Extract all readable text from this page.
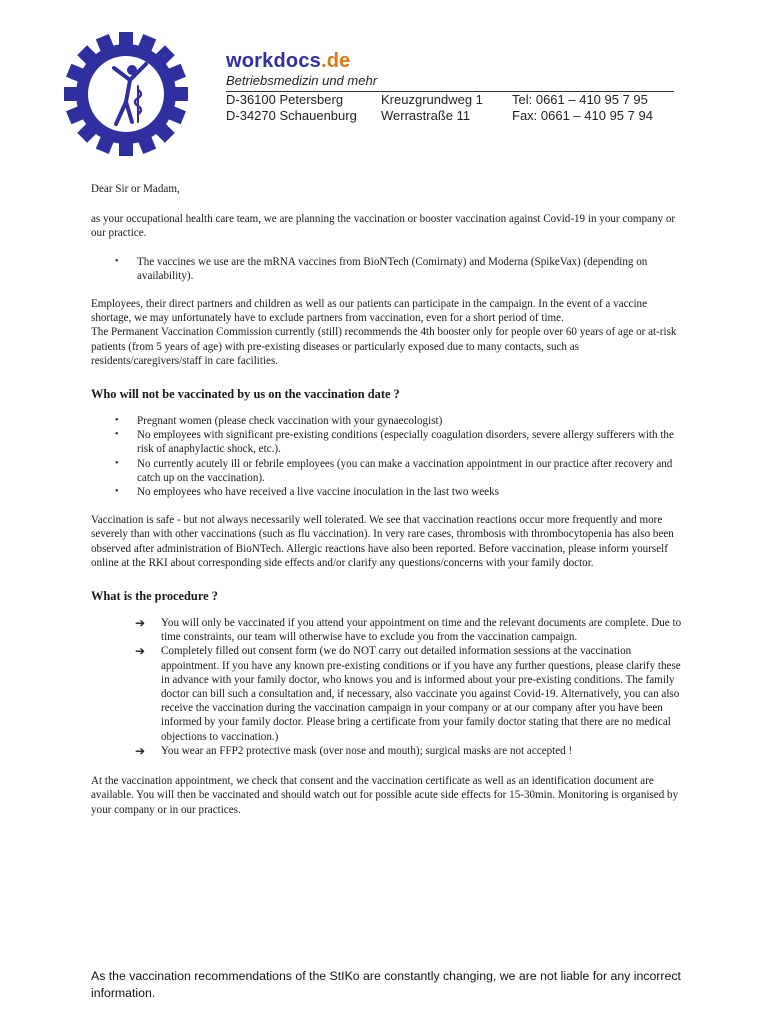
workdocs.de
Betriebsmedizin und mehr
D-36100 Petersberg	Kreuzgrundweg 1 Tel: 0661 – 410 95 7 95
D-34270 Schauenburg Werrastraße 11	Fax: 0661 – 410 95 7 94

Dear Sir or Madam,

as your occupational health care team, we are planning the vaccination or booster vaccination against Covid-19 in your company or our practice.

• The vaccines we use are the mRNA vaccines from BioNTech (Comirnaty) and Moderna (SpikeVax) (depending on availability).

Employees, their direct partners and children as well as our patients can participate in the campaign. In the event of a vaccine shortage, we may unfortunately have to exclude partners from vaccination, even for a short period of time.

The Permanent Vaccination Commission currently (still) recommends the 4th booster only for people over 60 years of age or at-risk patients (from 5 years of age) with pre-existing diseases or particularly exposed due to many contacts, such as residents/caregivers/staff in care facilities.

Who will not be vaccinated by us on the vaccination date ?
• Pregnant women (please check vaccination with your gynaecologist)
• No employees with significant pre-existing conditions (especially coagulation disorders, severe allergy sufferers with the risk of anaphylactic shock, etc.).
• No currently acutely ill or febrile employees (you can make a vaccination appointment in our practice after recovery and catch up on the vaccination).
• No employees who have received a live vaccine inoculation in the last two weeks

Vaccination is safe - but not always necessarily well tolerated. We see that vaccination reactions occur more frequently and more severely than with other vaccinations (such as flu vaccination). In very rare cases, thrombosis with thrombocytopenia has also been observed after administration of BioNTech. Allergic reactions have also been reported. Before vaccination, please inform yourself online at the RKI about corresponding side effects and/or clarify any questions/concerns with your family doctor.

What is the procedure ?
➔ You will only be vaccinated if you attend your appointment on time and the relevant documents are complete. Due to time constraints, our team will otherwise have to exclude you from the vaccination campaign.
➔ Completely filled out consent form (we do NOT carry out detailed information sessions at the vaccination appointment. If you have any known pre-existing conditions or if you have any further questions, please clarify these in advance with your family doctor, who knows you and is informed about your pre-existing conditions. The family doctor can bill such a consultation and, if necessary, also vaccinate you against Covid-19. Alternatively, you can also receive the vaccination during the vaccination campaign in your company or at our company after you have been informed by your family doctor. Please bring a certificate from your family doctor stating that there are no medical objections to vaccination.)
➔ You wear an FFP2 protective mask (over nose and mouth); surgical masks are not accepted !

At the vaccination appointment, we check that consent and the vaccination certificate as well as an identification document are available. You will then be vaccinated and should watch out for possible acute side effects for 15-30min. Monitoring is organised by your company or in our practices.

As the vaccination recommendations of the StIKo are constantly changing, we are not liable for any incorrect information.
